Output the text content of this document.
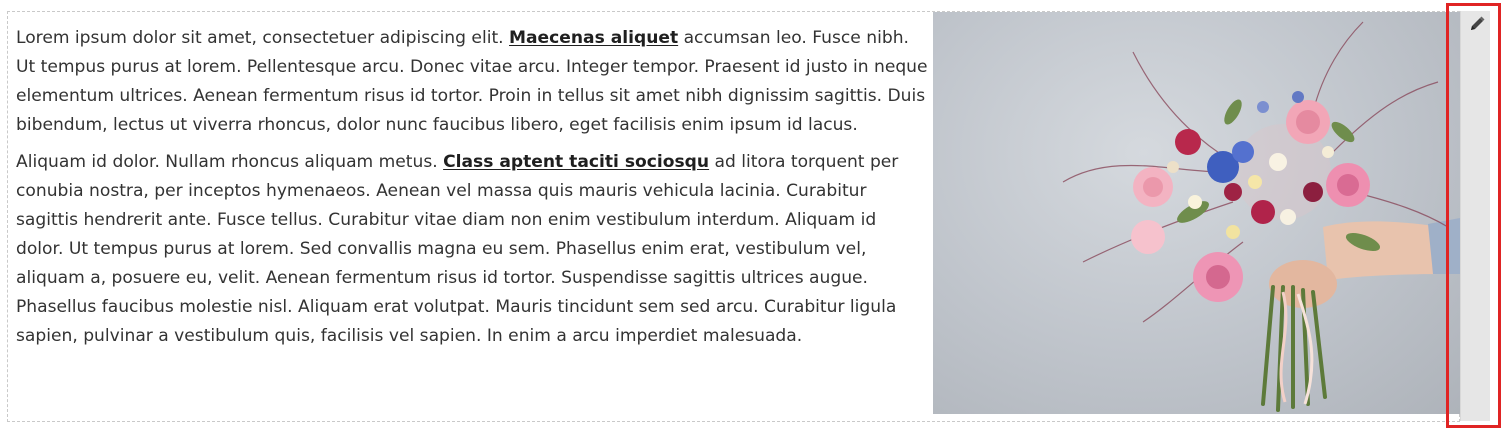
Lorem ipsum dolor sit amet, consectetuer adipiscing elit. Maecenas aliquet accumsan leo. Fusce nibh. Ut tempus purus at lorem. Pellentesque arcu. Donec vitae arcu. Integer tempor. Praesent id justo in neque elementum ultrices. Aenean fermentum risus id tortor. Proin in tellus sit amet nibh dignissim sagittis. Duis bibendum, lectus ut viverra rhoncus, dolor nunc faucibus libero, eget facilisis enim ipsum id lacus.

Aliquam id dolor. Nullam rhoncus aliquam metus. Class aptent taciti sociosqu ad litora torquent per conubia nostra, per inceptos hymenaeos. Aenean vel massa quis mauris vehicula lacinia. Curabitur sagittis hendrerit ante. Fusce tellus. Curabitur vitae diam non enim vestibulum interdum. Aliquam id dolor. Ut tempus purus at lorem. Sed convallis magna eu sem. Phasellus enim erat, vestibulum vel, aliquam a, posuere eu, velit. Aenean fermentum risus id tortor. Suspendisse sagittis ultrices augue. Phasellus faucibus molestie nisl. Aliquam erat volutpat. Mauris tincidunt sem sed arcu. Curabitur ligula sapien, pulvinar a vestibulum quis, facilisis vel sapien. In enim a arcu imperdiet malesuada.
